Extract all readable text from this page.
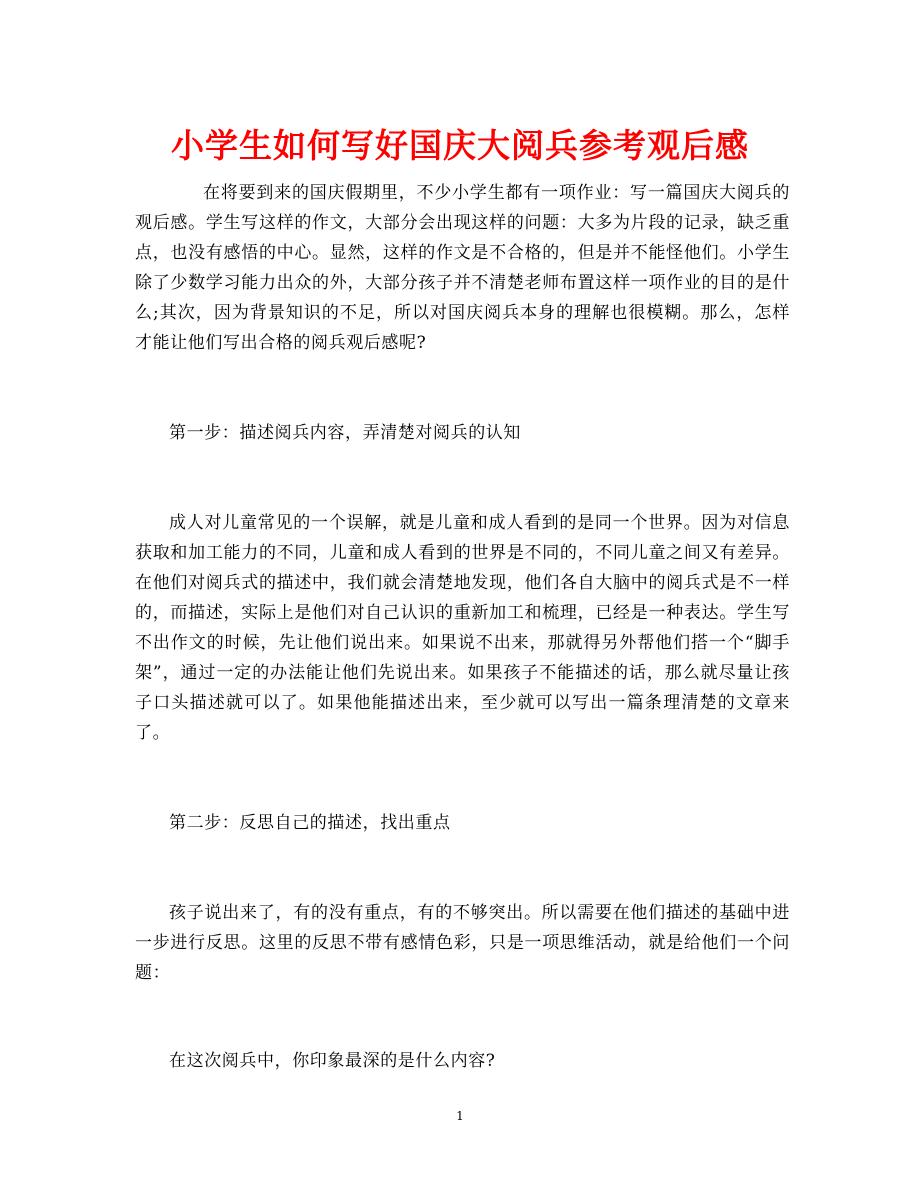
小学生如何写好国庆大阅兵参考观后感

在将要到来的国庆假期里，不少小学生都有一项作业：写一篇国庆大阅兵的观后感。学生写这样的作文，大部分会出现这样的问题：大多为片段的记录，缺乏重点，也没有感悟的中心。显然，这样的作文是不合格的，但是并不能怪他们。小学生除了少数学习能力出众的外，大部分孩子并不清楚老师布置这样一项作业的目的是什么;其次，因为背景知识的不足，所以对国庆阅兵本身的理解也很模糊。那么，怎样才能让他们写出合格的阅兵观后感呢?

第一步：描述阅兵内容，弄清楚对阅兵的认知

成人对儿童常见的一个误解，就是儿童和成人看到的是同一个世界。因为对信息获取和加工能力的不同，儿童和成人看到的世界是不同的，不同儿童之间又有差异。在他们对阅兵式的描述中，我们就会清楚地发现，他们各自大脑中的阅兵式是不一样的，而描述，实际上是他们对自己认识的重新加工和梳理，已经是一种表达。学生写不出作文的时候，先让他们说出来。如果说不出来，那就得另外帮他们搭一个“脚手架”，通过一定的办法能让他们先说出来。如果孩子不能描述的话，那么就尽量让孩子口头描述就可以了。如果他能描述出来，至少就可以写出一篇条理清楚的文章来了。

第二步：反思自己的描述，找出重点

孩子说出来了，有的没有重点，有的不够突出。所以需要在他们描述的基础中进一步进行反思。这里的反思不带有感情色彩，只是一项思维活动，就是给他们一个问题：

在这次阅兵中，你印象最深的是什么内容?

1
